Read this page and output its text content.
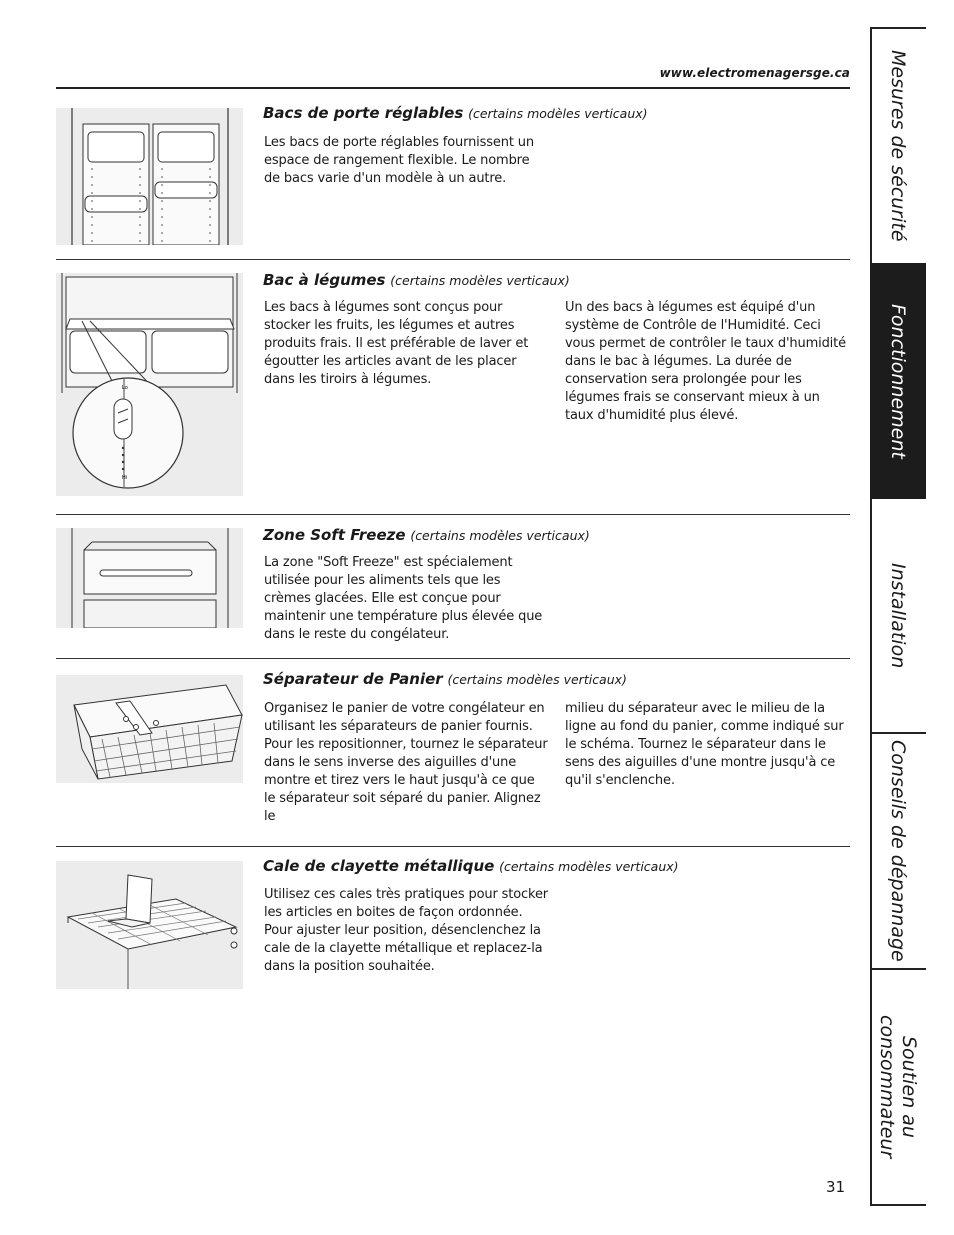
www.electromenagersge.ca
Bacs de porte réglables (certains modèles verticaux)

Les bacs de porte réglables fournissent un espace de rangement flexible. Le nombre de bacs varie d'un modèle à un autre.

Lo
Hi
Bac à légumes (certains modèles verticaux)

Les bacs à légumes sont conçus pour stocker les fruits, les légumes et autres produits frais. Il est préférable de laver et égoutter les articles avant de les placer dans les tiroirs à légumes.

Un des bacs à légumes est équipé d'un système de Contrôle de l'Humidité. Ceci vous permet de contrôler le taux d'humidité dans le bac à légumes. La durée de conservation sera prolongée pour les légumes frais se conservant mieux à un taux d'humidité plus élevé.

Zone Soft Freeze (certains modèles verticaux)

La zone "Soft Freeze" est spécialement utilisée pour les aliments tels que les crèmes glacées. Elle est conçue pour maintenir une température plus élevée que dans le reste du congélateur.

Séparateur de Panier (certains modèles verticaux)

Organisez le panier de votre congélateur en utilisant les séparateurs de panier fournis. Pour les repositionner, tournez le séparateur dans le sens inverse des aiguilles d'une montre et tirez vers le haut jusqu'à ce que le séparateur soit séparé du panier. Alignez le

milieu du séparateur avec le milieu de la ligne au fond du panier, comme indiqué sur le schéma. Tournez le séparateur dans le sens des aiguilles d'une montre jusqu'à ce qu'il s'enclenche.

Cale de clayette métallique (certains modèles verticaux)

Utilisez ces cales très pratiques pour stocker les articles en boites de façon ordonnée. Pour ajuster leur position, désenclenchez la cale de la clayette métallique et replacez-la dans la position souhaitée.

31
Mesures de sécurité
Fonctionnement
Installation
Conseils de dépannage
Soutien au
consommateur
